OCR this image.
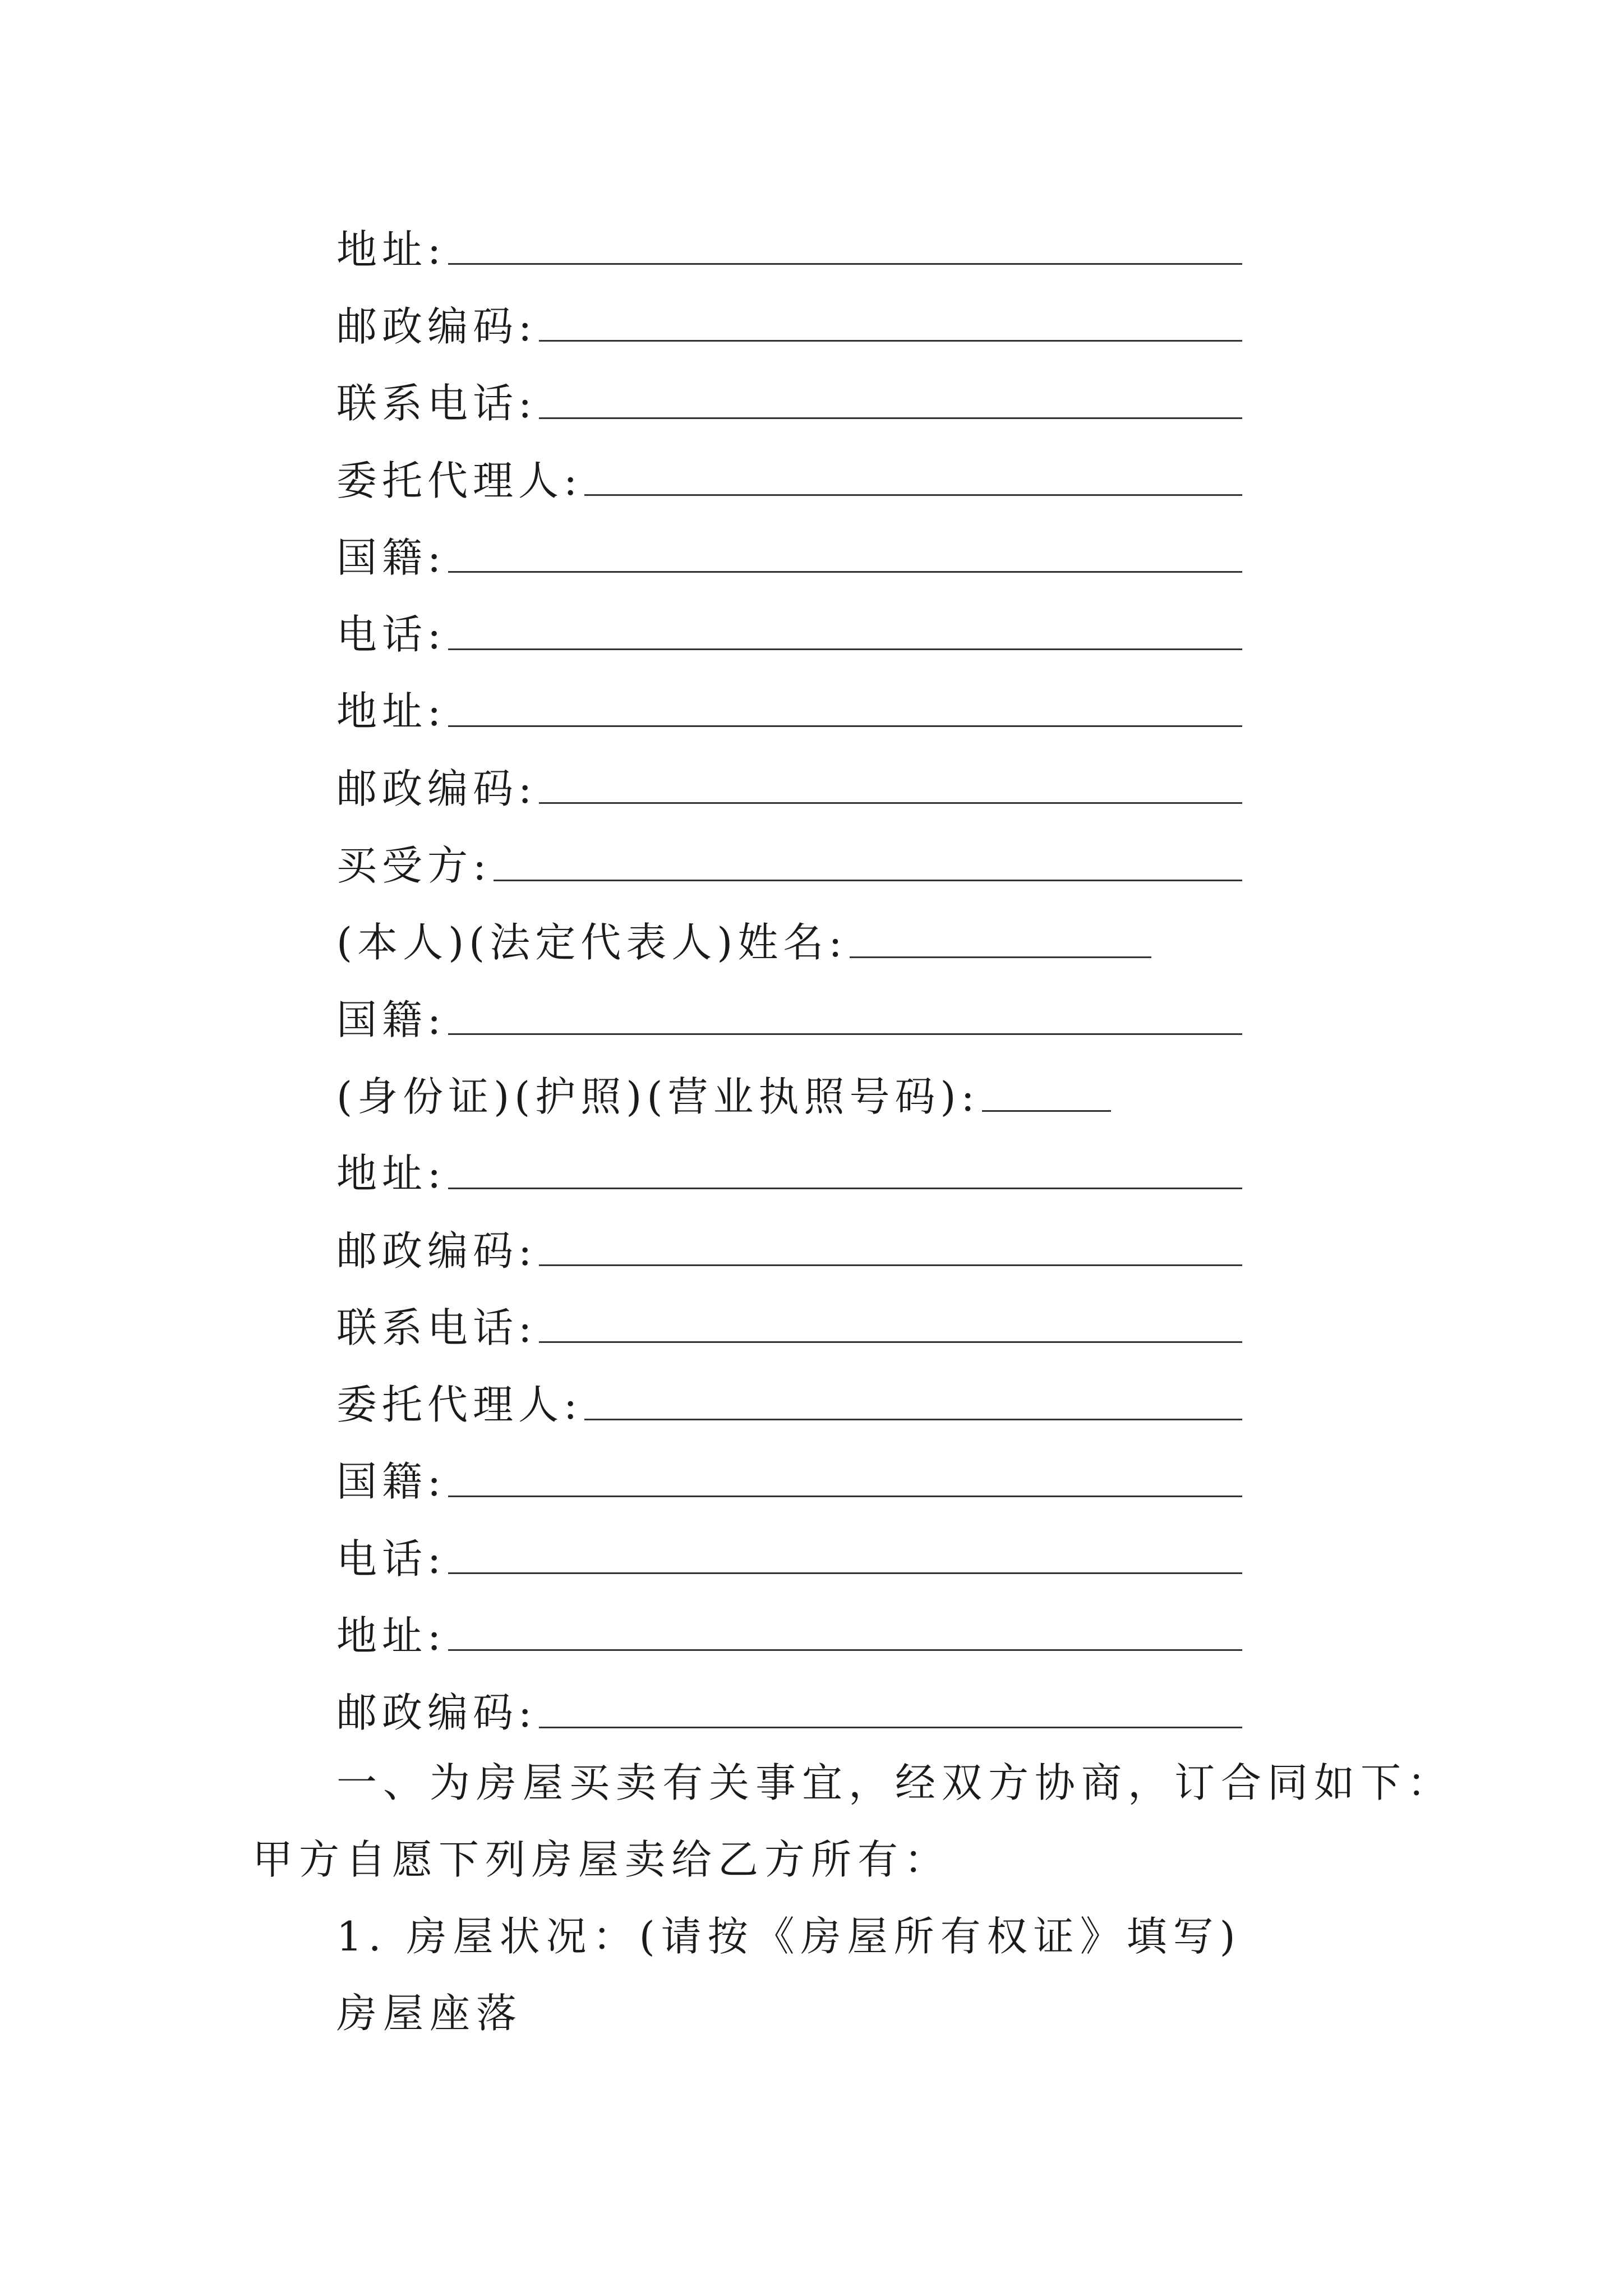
地址:
邮政编码:
联系电话:
委托代理人:
国籍:
电话:
地址:
邮政编码:
买受方:
(本人)(法定代表人)姓名:
国籍:
(身份证)(护照)(营业执照号码):
地址:
邮政编码:
联系电话:
委托代理人:
国籍:
电话:
地址:
邮政编码:
一、为房屋买卖有关事宜，经双方协商，订合同如下：
甲方自愿下列房屋卖给乙方所有：
1. 房屋状况：(请按《房屋所有权证》填写)
房屋座落
